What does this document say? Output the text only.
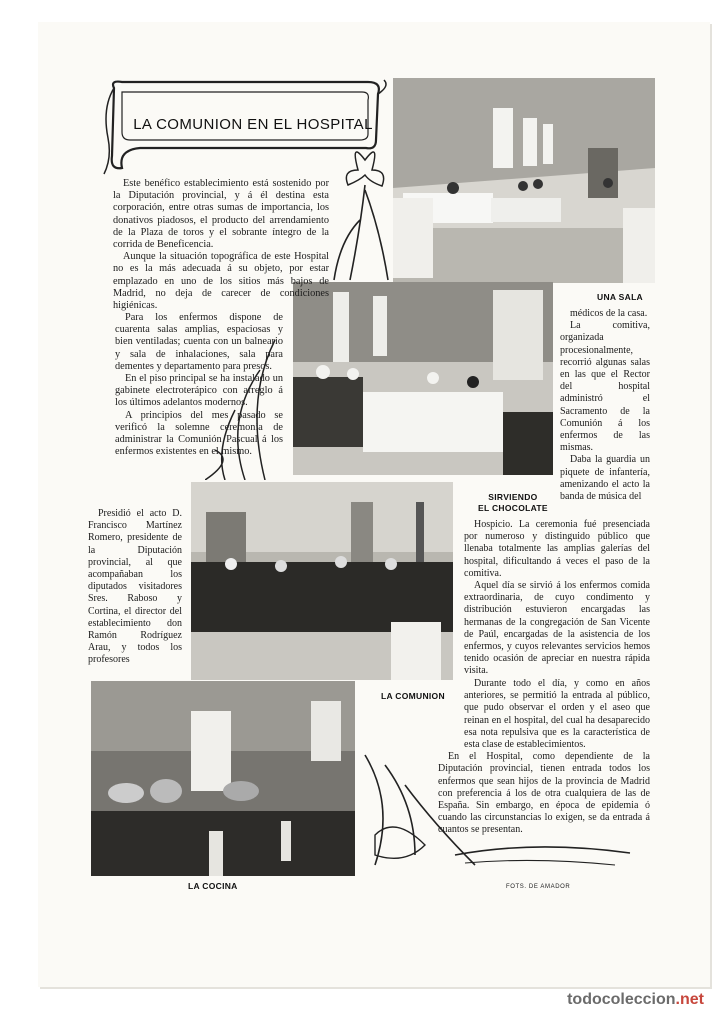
LA COMUNION EN EL HOSPITAL
UNA SALA
SIRVIENDO
EL CHOCOLATE
LA COCINA
LA COMUNION
FOTS. DE AMADOR

Este benéfico establecimiento está sostenido por la Diputación provincial, y á él destina esta corporación, entre otras sumas de importancia, los donativos piadosos, el producto del arrendamiento de la Plaza de toros y el sobrante íntegro de la corrida de Beneficencia.

Aunque la situación topográfica de este Hospital no es la más adecuada á su objeto, por estar emplazado en uno de los sitios más bajos de Madrid, no deja de carecer de condiciones higiénicas.

Para los enfermos dispone de cuarenta salas amplias, espaciosas y bien ventiladas; cuenta con un balneario y sala de inhalaciones, sala para dementes y departamento para presos.

En el piso principal se ha instalado un gabinete electroterápico con arreglo á los últimos adelantos modernos.

A principios del mes pasado se verificó la solemne ceremonia de administrar la Comunión Pascual á los enfermos existentes en el mismo.

Presidió el acto D. Francisco Martínez Romero, presidente de la Diputación provincial, al que acompañaban los diputados visitadores Sres. Raboso y Cortina, el director del establecimiento don Ramón Rodríguez Arau, y todos los profesores

médicos de la casa.

La comitiva, organizada procesionalmente, recorrió algunas salas en las que el Rector del hospital administró el Sacramento de la Comunión á los enfermos de las mismas.

Daba la guardia un piquete de infantería, amenizando el acto la banda de música del

Hospicio. La ceremonia fué presenciada por numeroso y distinguido público que llenaba totalmente las amplias galerías del hospital, dificultando á veces el paso de la comitiva.

Aquel día se sirvió á los enfermos comida extraordinaria, de cuyo condimento y distribución estuvieron encargadas las hermanas de la congregación de San Vicente de Paúl, encargadas de la asistencia de los enfermos, y cuyos relevantes servicios hemos tenido ocasión de apreciar en nuestra rápida visita.

Durante todo el día, y como en años anteriores, se permitió la entrada al público, que pudo observar el orden y el aseo que reinan en el hospital, del cual ha desaparecido esa nota repulsiva que es la característica de esta clase de establecimientos.

En el Hospital, como dependiente de la Diputación provincial, tienen entrada todos los enfermos que sean hijos de la provincia de Madrid con preferencia á los de otra cualquiera de las de España. Sin embargo, en época de epidemia ó cuando las circunstancias lo exigen, se da entrada á cuantos se presentan.

todocoleccion.net
